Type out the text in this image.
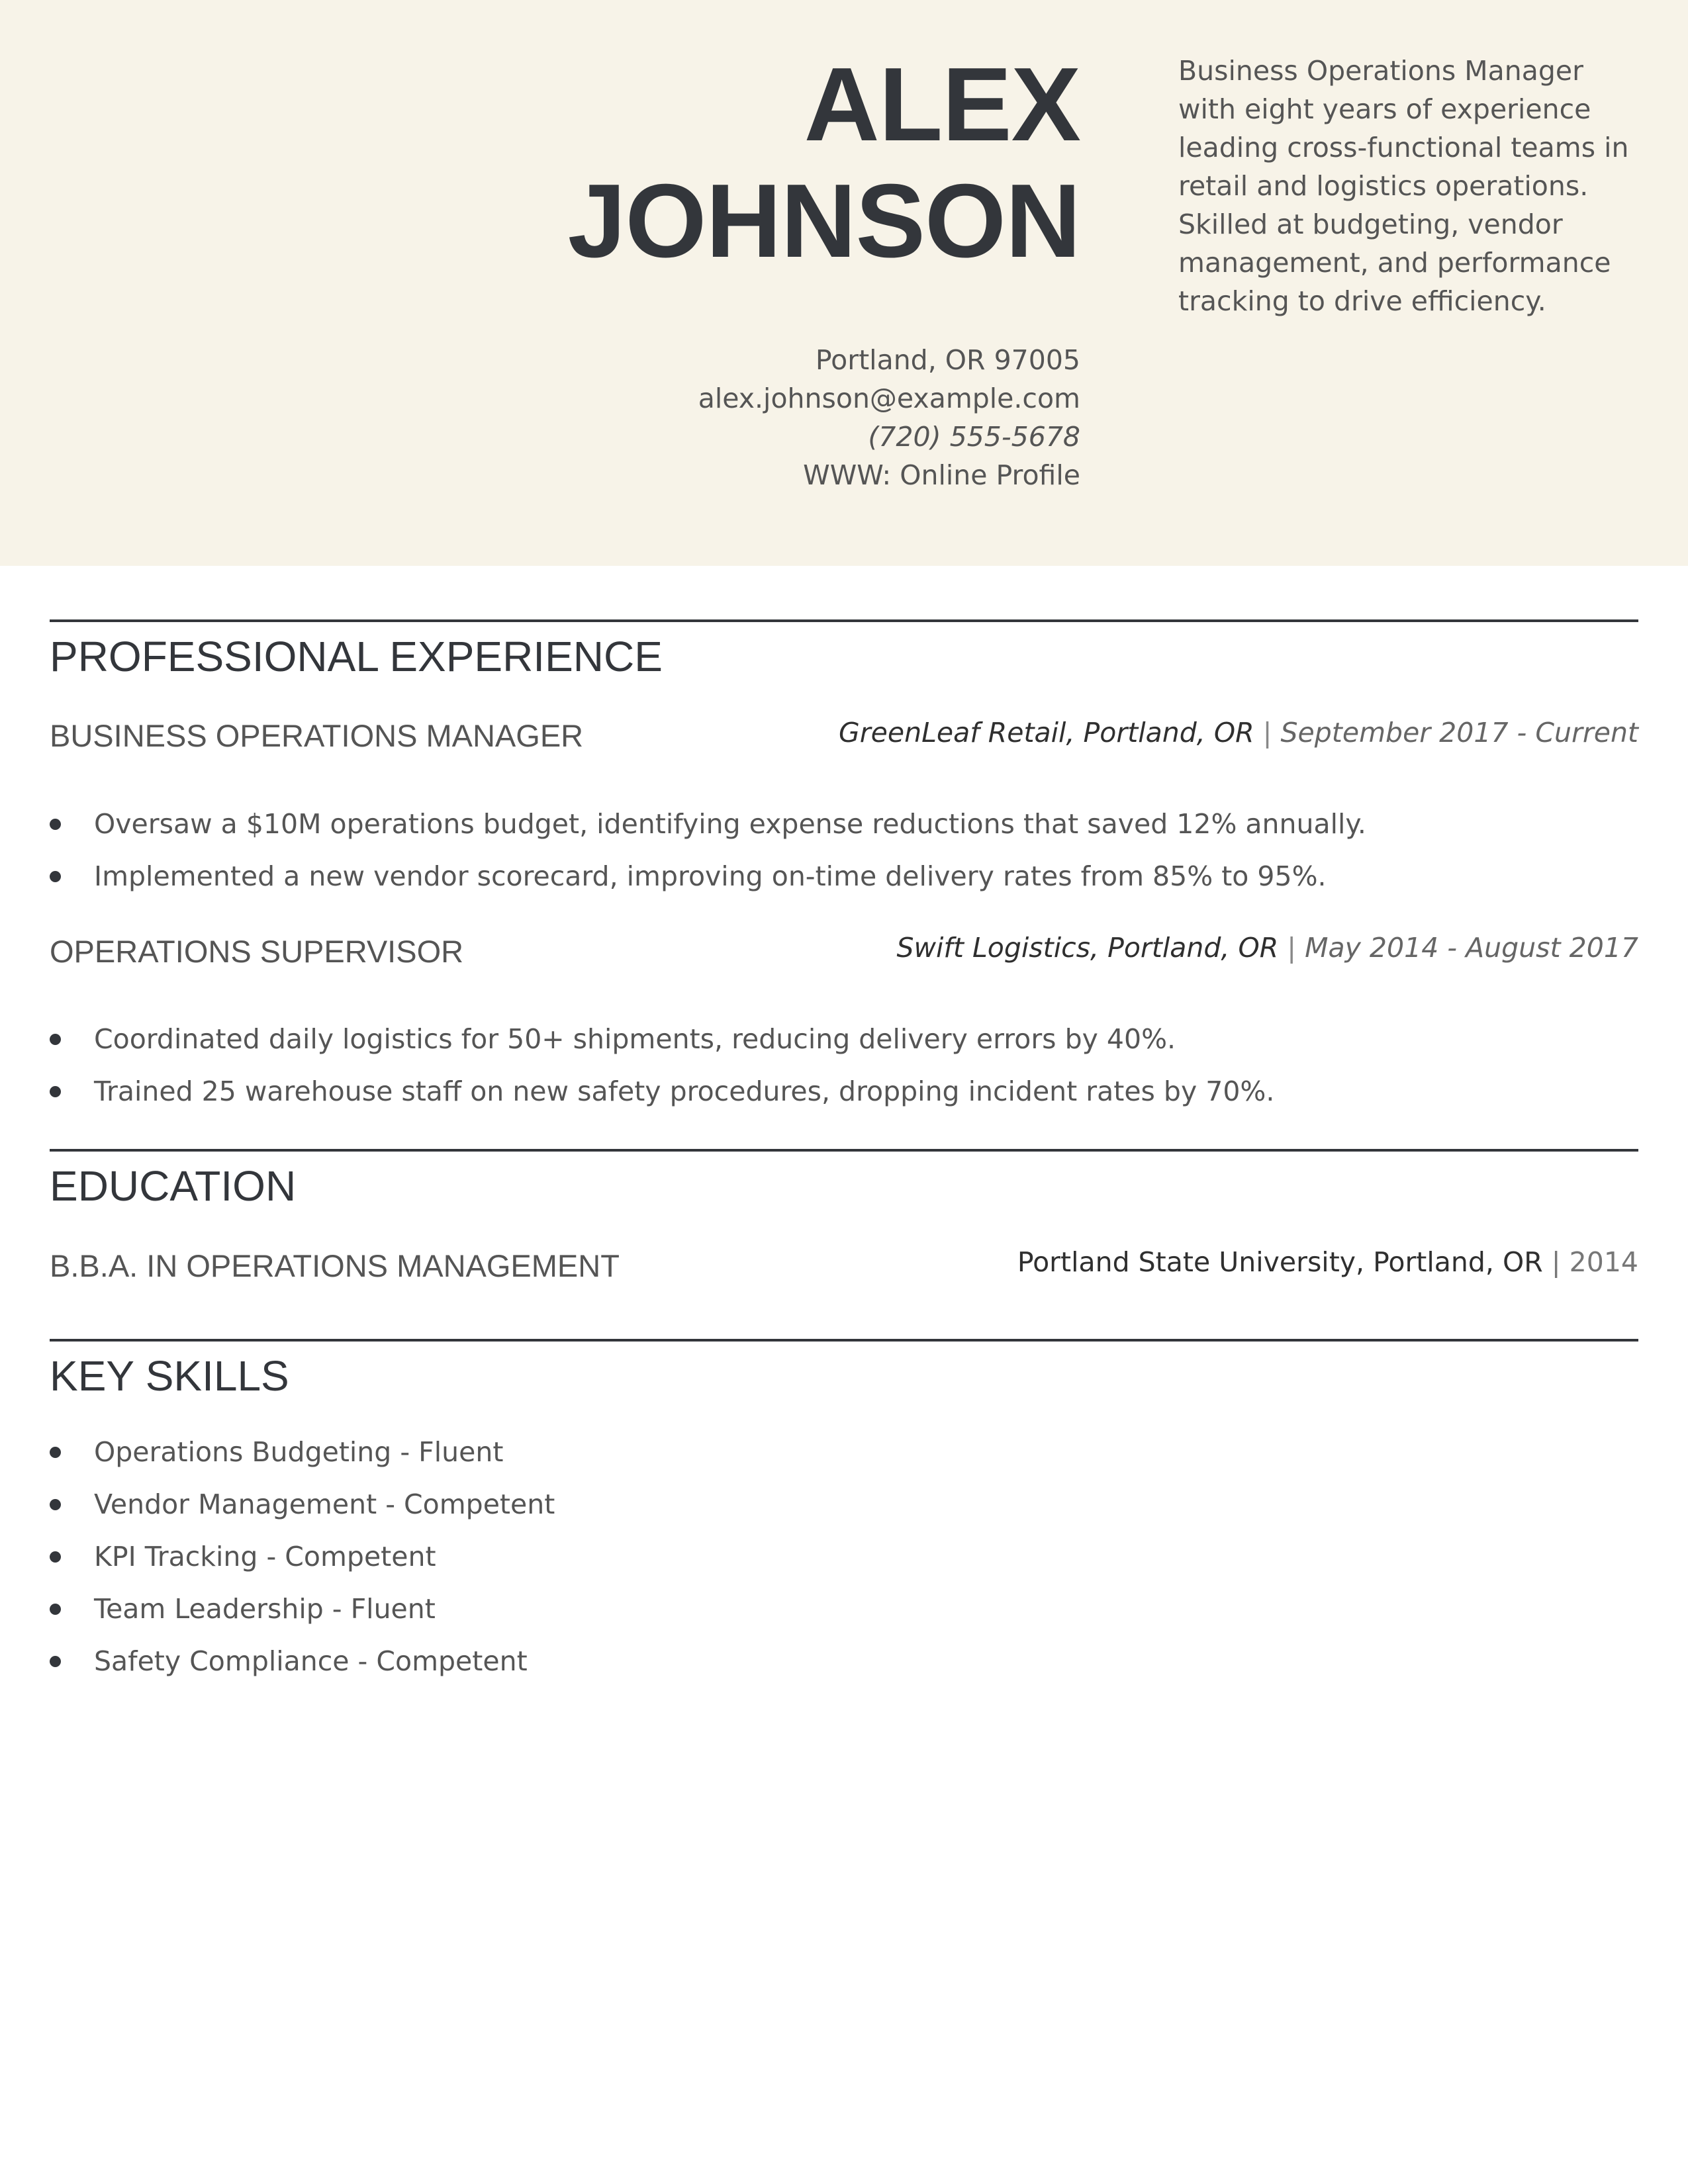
ALEX
JOHNSON
Portland, OR 97005
alex.johnson@example.com
(720) 555-5678
WWW: Online Profile
Business Operations Manager with eight years of experience leading cross-functional teams in retail and logistics operations. Skilled at budgeting, vendor management, and performance tracking to drive efficiency.
PROFESSIONAL EXPERIENCE
BUSINESS OPERATIONS MANAGER	GreenLeaf Retail, Portland, OR | September 2017 - Current
Oversaw a $10M operations budget, identifying expense reductions that saved 12% annually.
Implemented a new vendor scorecard, improving on-time delivery rates from 85% to 95%.
OPERATIONS SUPERVISOR	Swift Logistics, Portland, OR | May 2014 - August 2017
Coordinated daily logistics for 50+ shipments, reducing delivery errors by 40%.
Trained 25 warehouse staff on new safety procedures, dropping incident rates by 70%.
EDUCATION
B.B.A. IN OPERATIONS MANAGEMENT	Portland State University, Portland, OR | 2014
KEY SKILLS
Operations Budgeting - Fluent
Vendor Management - Competent
KPI Tracking - Competent
Team Leadership - Fluent
Safety Compliance - Competent
